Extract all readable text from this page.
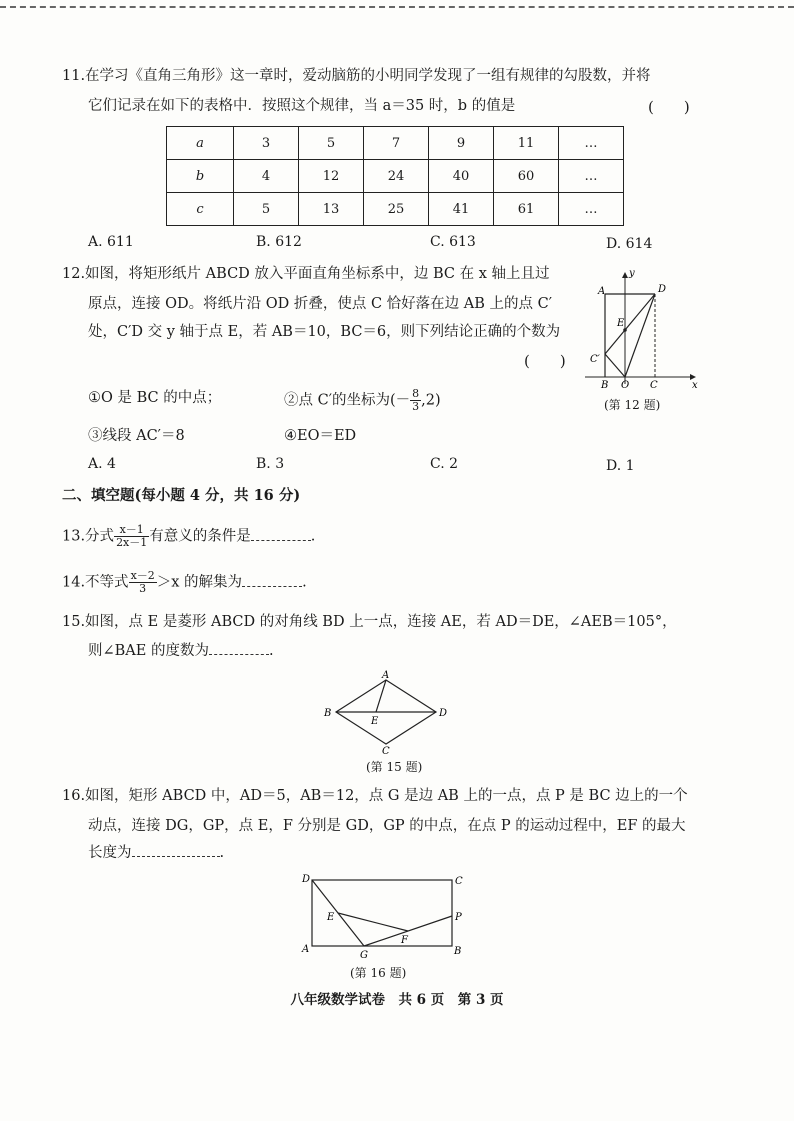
11.在学习《直角三角形》这一章时，爱动脑筋的小明同学发现了一组有规律的勾股数，并将
它们记录在如下的表格中．按照这个规律，当 a＝35 时，b 的值是	(　　)
a	3	5	7	9	11	…
b	4	12	24	40	60	…
c	5	13	25	41	61	…
A. 611	B. 612	C. 613	D. 614
12.如图，将矩形纸片 ABCD 放入平面直角坐标系中，边 BC 在 x 轴上且过
原点，连接 OD。将纸片沿 OD 折叠，使点 C 恰好落在边 AB 上的点 C′
处，C′D 交 y 轴于点 E，若 AB＝10，BC＝6，则下列结论正确的个数为
(　　)
A	D
E
C′
B O C	x
y
(第 12 题)
①O 是 BC 的中点；	②点 C′的坐标为(－ $\frac{8}{3} ,2$)
③线段 AC′＝8	④EO＝ED
A. 4	B. 3	C. 2	D. 1
二、填空题(每小题 4 分，共 16 分)
13.分式 $\frac{x-1}{2x-1}$ 有意义的条件是	.
14.不等式 $\frac{x-2}{3} >x$ 的解集为	.
15.如图，点 E 是菱形 ABCD 的对角线 BD 上一点，连接 AE，若 AD＝DE，∠AEB＝105°，
则∠BAE 的度数为	.
A
B	D
C
E
(第 15 题)
16.如图，矩形 ABCD 中，AD＝5，AB＝12，点 G 是边 AB 上的一点，点 P 是 BC 边上的一个
动点，连接 DG，GP，点 E，F 分别是 GD，GP 的中点，在点 P 的运动过程中，EF 的最大
长度为	.
D	C
E	P
F
A
G	B
(第 16 题)
八年级数学试卷　共 6 页　第 3 页
